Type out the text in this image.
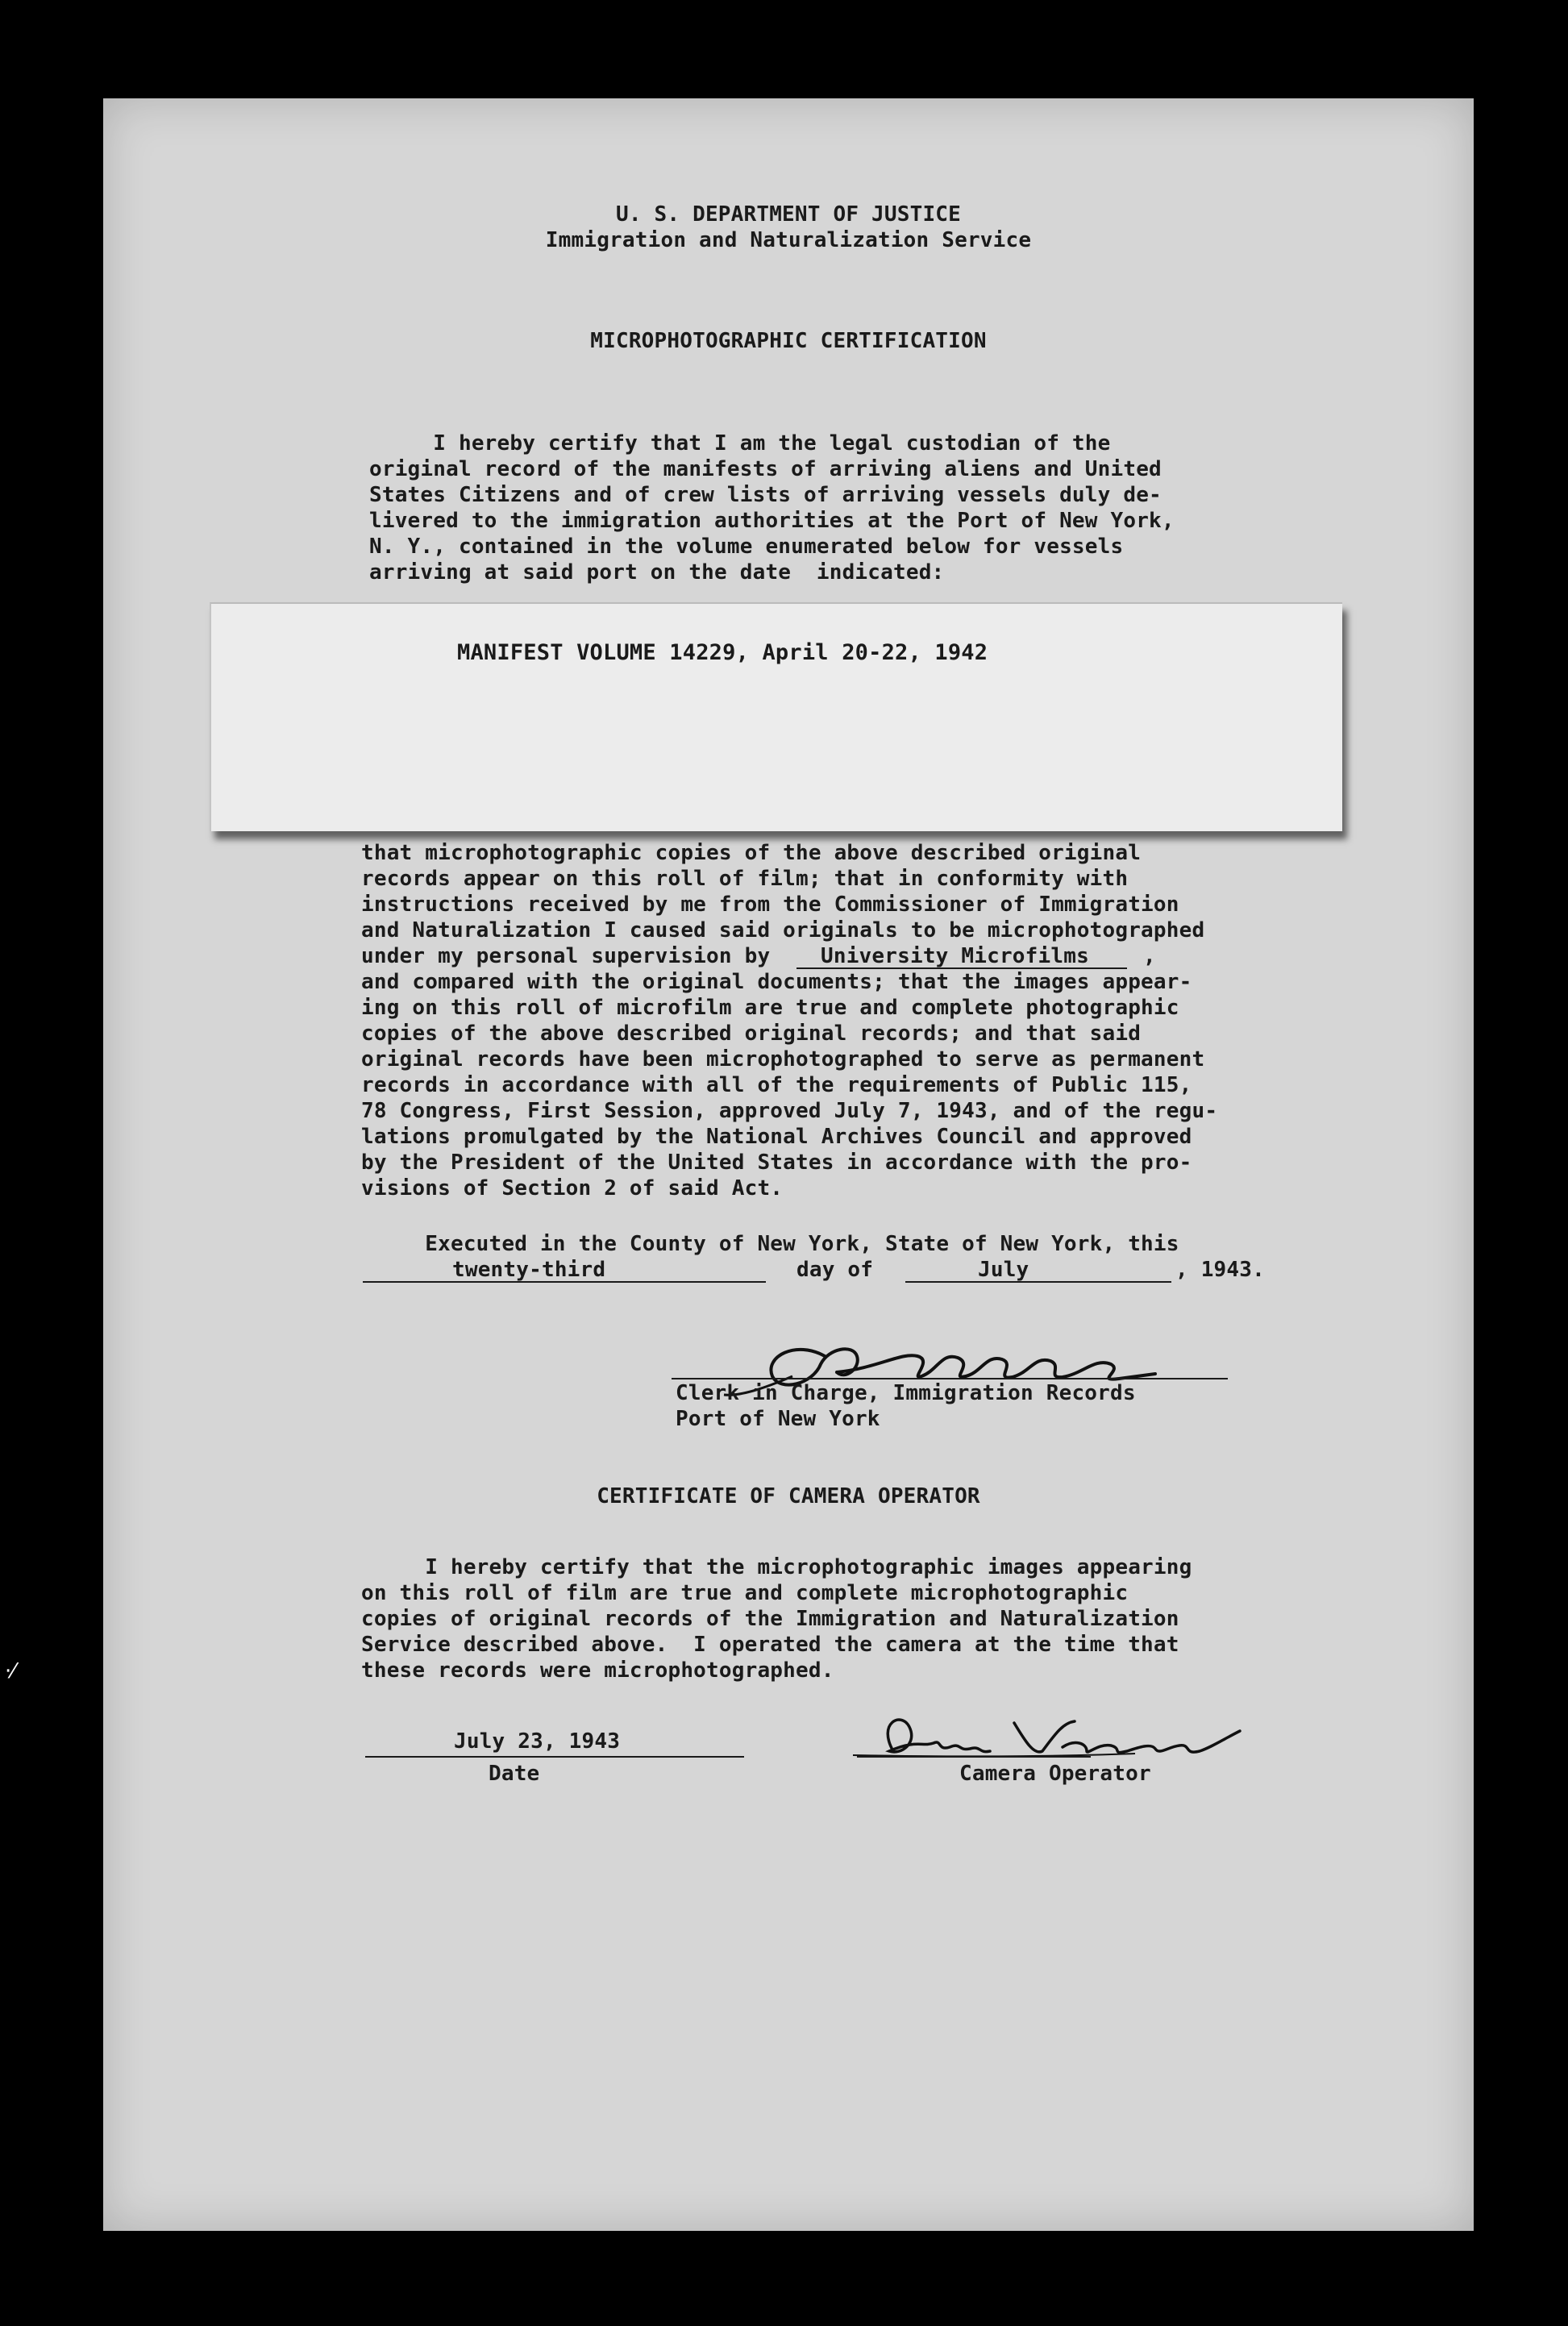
U. S. DEPARTMENT OF JUSTICE
Immigration and Naturalization Service
MICROPHOTOGRAPHIC CERTIFICATION
I hereby certify that I am the legal custodian of the
original record of the manifests of arriving aliens and United
States Citizens and of crew lists of arriving vessels duly de-
livered to the immigration authorities at the Port of New York,
N. Y., contained in the volume enumerated below for vessels
arriving at said port on the date  indicated:
MANIFEST VOLUME 14229, April 20-22, 1942
that microphotographic copies of the above described original
records appear on this roll of film; that in conformity with
instructions received by me from the Commissioner of Immigration
and Naturalization I caused said originals to be microphotographed
under my personal supervision by University Microfilms	,
and compared with the original documents; that the images appear-
ing on this roll of microfilm are true and complete photographic
copies of the above described original records; and that said
original records have been microphotographed to serve as permanent
records in accordance with all of the requirements of Public 115,
78 Congress, First Session, approved July 7, 1943, and of the regu-
lations promulgated by the National Archives Council and approved
by the President of the United States in accordance with the pro-
visions of Section 2 of said Act.
Executed in the County of New York, State of New York, this
twenty-third	day of	July	, 1943.
Clerk in Charge, Immigration Records
Port of New York
CERTIFICATE OF CAMERA OPERATOR
I hereby certify that the microphotographic images appearing
on this roll of film are true and complete microphotographic
copies of original records of the Immigration and Naturalization
Service described above.  I operated the camera at the time that
these records were microphotographed.
July 23, 1943
Date	Camera Operator
⋅⁄
